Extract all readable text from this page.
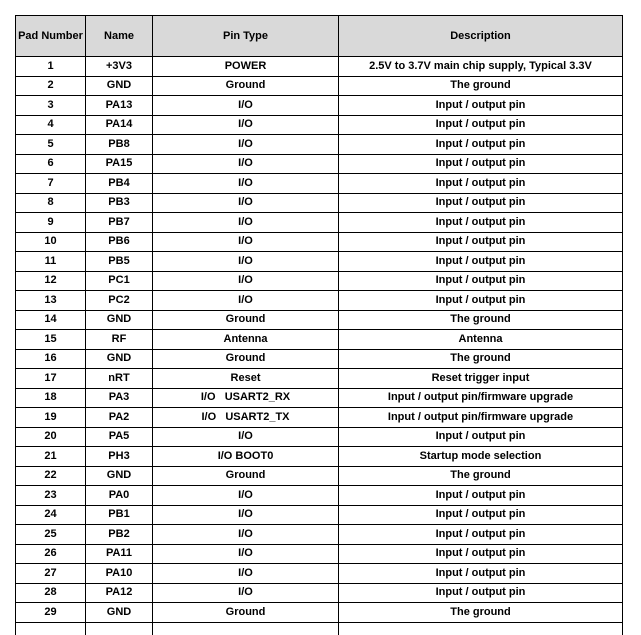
Pad Number	Name	Pin Type	Description
1	+3V3	POWER	2.5V to 3.7V main chip supply, Typical 3.3V
2	GND	Ground	The ground
3	PA13	I/O	Input / output pin
4	PA14	I/O	Input / output pin
5	PB8	I/O	Input / output pin
6	PA15	I/O	Input / output pin
7	PB4	I/O	Input / output pin
8	PB3	I/O	Input / output pin
9	PB7	I/O	Input / output pin
10	PB6	I/O	Input / output pin
11	PB5	I/O	Input / output pin
12	PC1	I/O	Input / output pin
13	PC2	I/O	Input / output pin
14	GND	Ground	The ground
15	RF	Antenna	Antenna
16	GND	Ground	The ground
17	nRT	Reset	Reset trigger input
18	PA3	I/O   USART2_RX	Input / output pin/firmware upgrade
19	PA2	I/O   USART2_TX	Input / output pin/firmware upgrade
20	PA5	I/O	Input / output pin
21	PH3	I/O BOOT0	Startup mode selection
22	GND	Ground	The ground
23	PA0	I/O	Input / output pin
24	PB1	I/O	Input / output pin
25	PB2	I/O	Input / output pin
26	PA11	I/O	Input / output pin
27	PA10	I/O	Input / output pin
28	PA12	I/O	Input / output pin
29	GND	Ground	The ground
